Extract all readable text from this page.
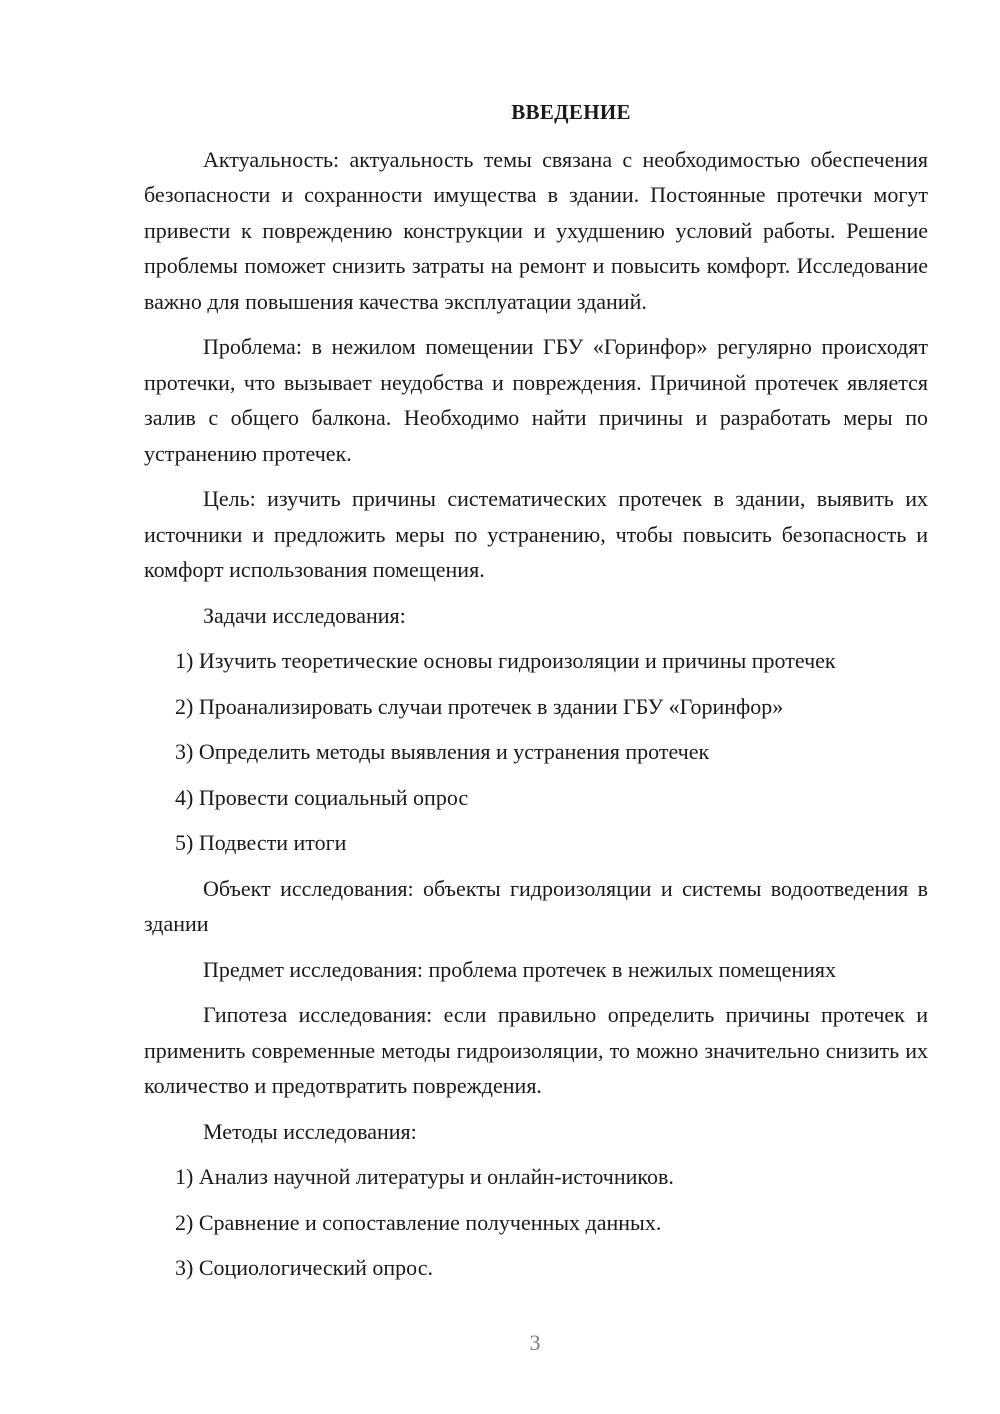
ВВЕДЕНИЕ
Актуальность: актуальность темы связана с необходимостью обеспечения безопасности и сохранности имущества в здании. Постоянные протечки могут привести к повреждению конструкции и ухудшению условий работы. Решение проблемы поможет снизить затраты на ремонт и повысить комфорт. Исследование важно для повышения качества эксплуатации зданий.
Проблема: в нежилом помещении ГБУ «Горинфор» регулярно происходят протечки, что вызывает неудобства и повреждения. Причиной протечек является залив с общего балкона. Необходимо найти причины и разработать меры по устранению протечек.
Цель: изучить причины систематических протечек в здании, выявить их источники и предложить меры по устранению, чтобы повысить безопасность и комфорт использования помещения.
Задачи исследования:
1) Изучить теоретические основы гидроизоляции и причины протечек
2) Проанализировать случаи протечек в здании ГБУ «Горинфор»
3) Определить методы выявления и устранения протечек
4) Провести социальный опрос
5) Подвести итоги
Объект исследования: объекты гидроизоляции и системы водоотведения в здании
Предмет исследования: проблема протечек в нежилых помещениях
Гипотеза исследования: если правильно определить причины протечек и применить современные методы гидроизоляции, то можно значительно снизить их количество и предотвратить повреждения.
Методы исследования:
1) Анализ научной литературы и онлайн-источников.
2) Сравнение и сопоставление полученных данных.
3) Социологический опрос.
3
